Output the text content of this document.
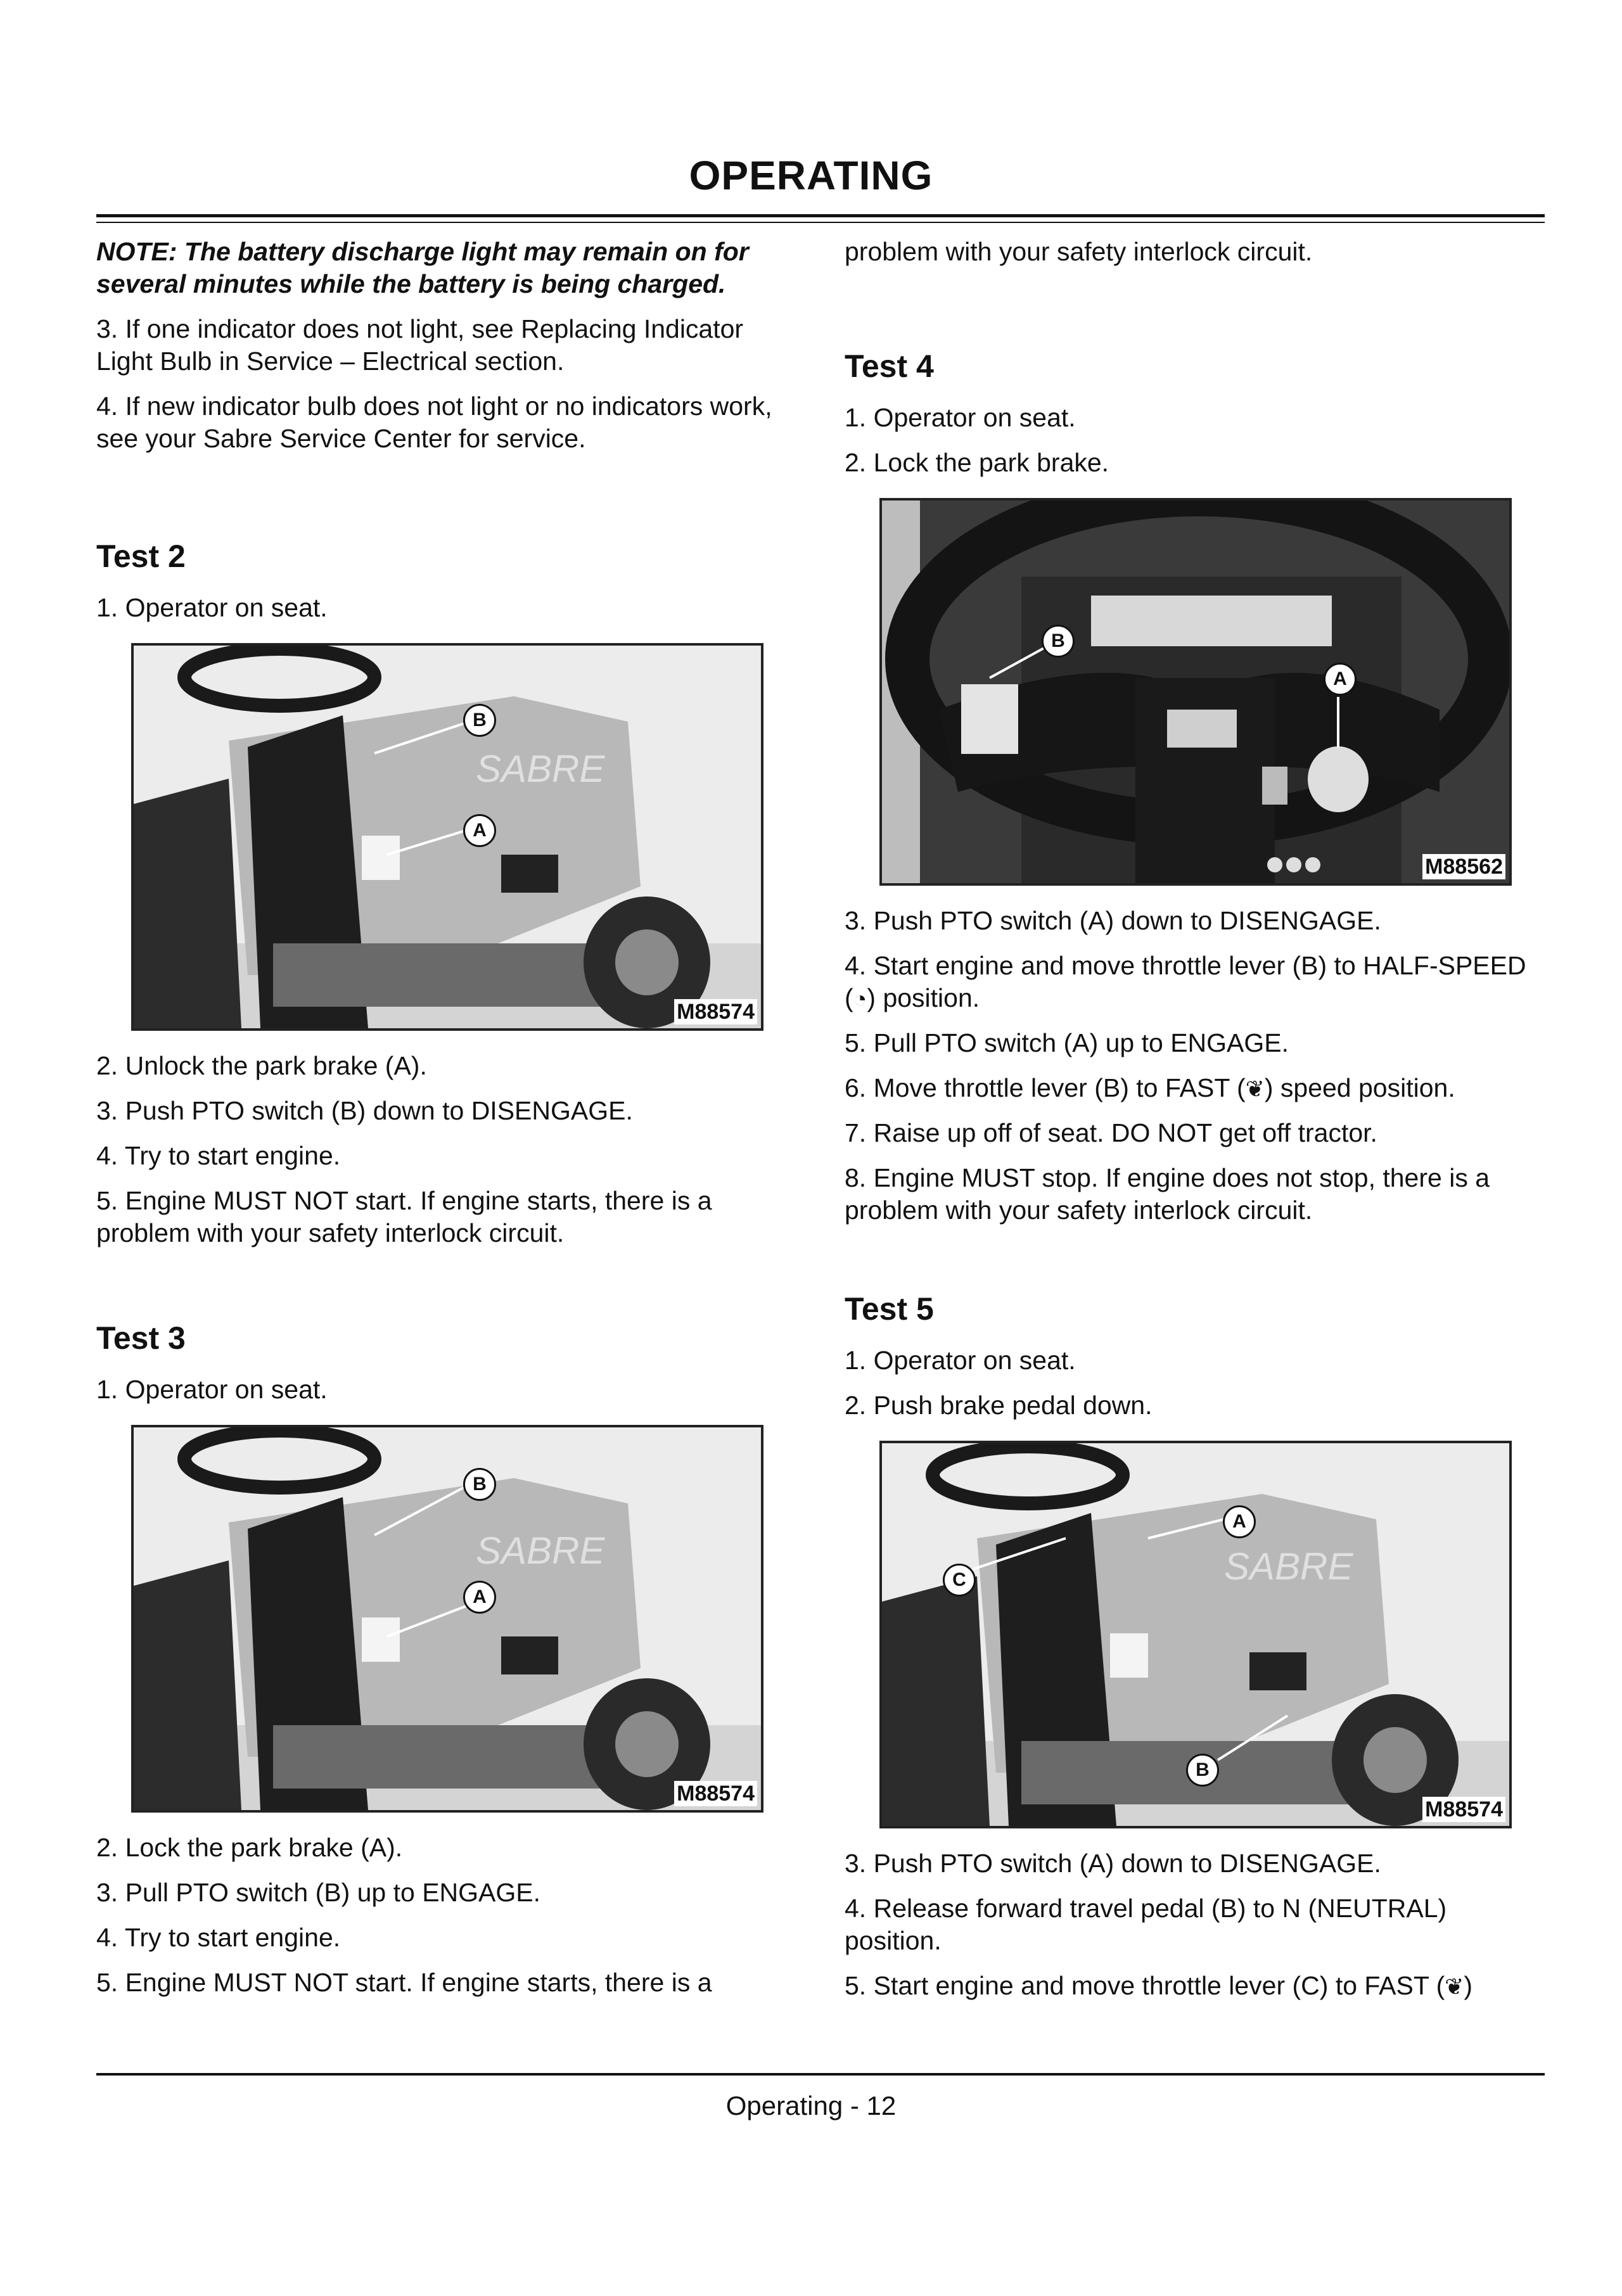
OPERATING

NOTE: The battery discharge light may remain on for several minutes while the battery is being charged.

3. If one indicator does not light, see Replacing Indicator Light Bulb in Service – Electrical section.

4. If new indicator bulb does not light or no indicators work, see your Sabre Service Center for service.

Test 2

1. Operator on seat.

SABRE
B
A
M88574

2. Unlock the park brake (A).

3. Push PTO switch (B) down to DISENGAGE.

4. Try to start engine.

5. Engine MUST NOT start. If engine starts, there is a problem with your safety interlock circuit.

Test 3

1. Operator on seat.

SABRE
B
A
M88574

2. Lock the park brake (A).

3. Pull PTO switch (B) up to ENGAGE.

4. Try to start engine.

5. Engine MUST NOT start. If engine starts, there is a

problem with your safety interlock circuit.

Test 4

1. Operator on seat.

2. Lock the park brake.

B
A
M88562

3. Push PTO switch (A) down to DISENGAGE.

4. Start engine and move throttle lever (B) to HALF-SPEED (◔) position.

5. Pull PTO switch (A) up to ENGAGE.

6. Move throttle lever (B) to FAST (❦) speed position.

7. Raise up off of seat. DO NOT get off tractor.

8. Engine MUST stop. If engine does not stop, there is a problem with your safety interlock circuit.

Test 5

1. Operator on seat.

2. Push brake pedal down.

SABRE
A
C
B
M88574

3. Push PTO switch (A) down to DISENGAGE.

4. Release forward travel pedal (B) to N (NEUTRAL) position.

5. Start engine and move throttle lever (C) to FAST (❦)

Operating - 12
